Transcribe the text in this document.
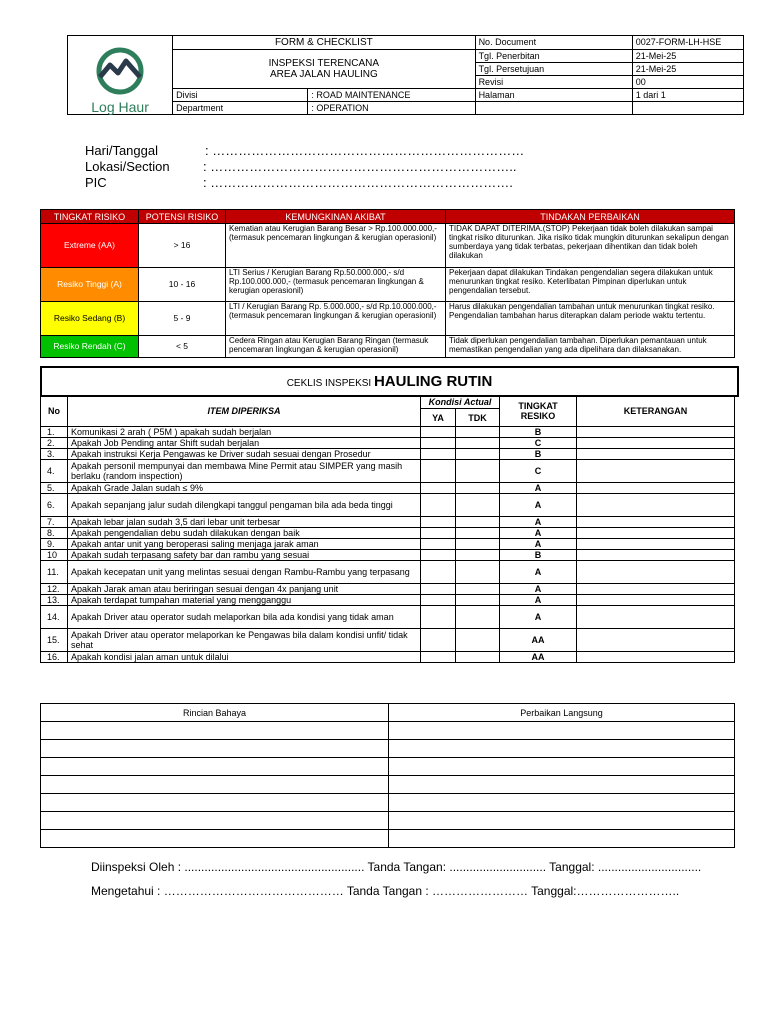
Log Haur	FORM & CHECKLIST		No. Document	0027-FORM-LH-HSE

	INSPEKSI TERENCANA
AREA JALAN HAULING		Tgl. Penerbitan	21-Mei-25
			Tgl. Persetujuan	21-Mei-25
			Revisi	00
	Divisi	: ROAD MAINTENANCE	Halaman	1 dari 1
	Department	: OPERATION		
Hari/Tanggal	: ………………………………………………………………
Lokasi/Section	: ……………………………………………………………..
PIC	: …………………………………………………………….
TINGKAT RISIKO	POTENSI RISIKO	KEMUNGKINAN AKIBAT	TINDAKAN PERBAIKAN
Extreme (AA)	> 16	Kematian atau Kerugian Barang Besar > Rp.100.000.000,- (termasuk pencemaran lingkungan & kerugian operasionil)	TIDAK DAPAT DITERIMA.(STOP) Pekerjaan tidak boleh dilakukan sampai tingkat risiko diturunkan. Jika risiko tidak mungkin diturunkan sekalipun dengan sumberdaya yang tidak terbatas, pekerjaan dihentikan dan tidak boleh dilakukan
Resiko Tinggi (A)	10 - 16	LTI Serius / Kerugian Barang Rp.50.000.000,- s/d Rp.100.000.000,- (termasuk pencemaran lingkungan & kerugian operasionil)	Pekerjaan dapat dilakukan Tindakan pengendalian segera dilakukan untuk menurunkan tingkat resiko. Keterlibatan Pimpinan diperlukan untuk pengendalian tersebut.
Resiko Sedang (B)	5 - 9	LTI / Kerugian Barang Rp. 5.000.000,- s/d Rp.10.000.000,- (termasuk pencemaran lingkungan & kerugian operasionil)	Harus dilakukan pengendalian tambahan untuk menurunkan tingkat resiko. Pengendalian tambahan harus diterapkan dalam periode waktu tertentu.
Resiko Rendah (C)	< 5	Cedera Ringan atau Kerugian Barang Ringan (termasuk pencemaran lingkungan & kerugian operasionil)	Tidak diperlukan pengendalian tambahan. Diperlukan pemantauan untuk memastikan pengendalian yang ada dipelihara dan dilaksanakan.
CEKLIS INSPEKSI HAULING RUTIN
No	ITEM DIPERIKSA	Kondisi Actual		TINGKAT RESIKO	KETERANGAN
		YA	TDK		
1.	Komunikasi 2 arah ( P5M ) apakah sudah berjalan			B	
2.	Apakah Job Pending antar Shift sudah berjalan			C	
3.	Apakah instruksi Kerja Pengawas ke Driver sudah sesuai dengan Prosedur			B	
4.	Apakah personil mempunyai dan membawa Mine Permit atau SIMPER yang masih berlaku (random inspection)			C	
5.	Apakah Grade Jalan sudah ≤ 9%			A	
6.	Apakah sepanjang jalur sudah dilengkapi tanggul pengaman bila ada beda tinggi			A	
7.	Apakah lebar jalan sudah 3,5 dari lebar unit terbesar			A	
8.	Apakah pengendalian debu sudah dilakukan dengan baik			A	
9.	Apakah antar unit yang beroperasi saling menjaga jarak aman			A	
10	Apakah sudah terpasang safety bar dan rambu yang sesuai			B	
11.	Apakah kecepatan unit yang melintas sesuai dengan Rambu-Rambu yang terpasang			A	
12.	Apakah Jarak aman atau beriringan sesuai dengan 4x panjang unit			A	
13.	Apakah terdapat tumpahan material yang mengganggu			A	
14.	Apakah Driver atau operator sudah melaporkan bila ada kondisi yang tidak aman			A	
15.	Apakah Driver atau operator melaporkan ke Pengawas bila dalam kondisi unfit/ tidak sehat			AA	
16.	Apakah kondisi jalan aman untuk dilalui			AA	
Rincian Bahaya	Perbaikan Langsung

Diinspeksi Oleh : ...................................................... Tanda Tangan: ............................. Tanggal: ...............................
Mengetahui : ……………………………………… Tanda Tangan : …………………… Tanggal:……………………..
